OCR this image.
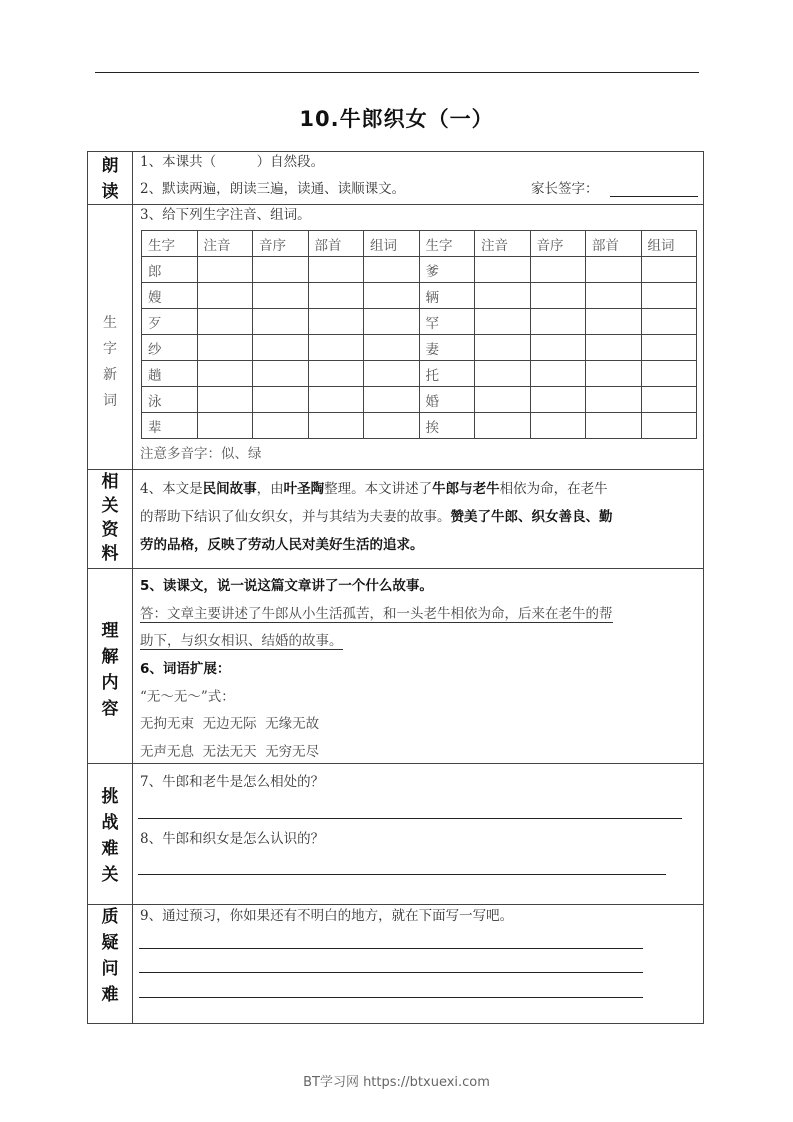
10.牛郎织女（一）
朗
读
1、本课共（　　　）自然段。
2、默读两遍，朗读三遍，读通、读顺课文。	家长签字：
生
字
新
词
3、给下列生字注音、组词。
生字	注音	音序	部首	组词	生字	注音	音序	部首	组词
郎					爹				
嫂					辆				
歹					罕				
纱					妻				
趟					托				
泳					婚				
辈					挨				
注意多音字：似、绿
相
关
资
料
4、本文是民间故事，由叶圣陶整理。本文讲述了牛郎与老牛相依为命，在老牛
的帮助下结识了仙女织女，并与其结为夫妻的故事。赞美了牛郎、织女善良、勤
劳的品格，反映了劳动人民对美好生活的追求。
理
解
内
容
5、读课文，说一说这篇文章讲了一个什么故事。
答：文章主要讲述了牛郎从小生活孤苦，和一头老牛相依为命，后来在老牛的帮
助下，与织女相识、结婚的故事。
6、词语扩展：
“无～无～”式：
无拘无束  无边无际  无缘无故
无声无息  无法无天  无穷无尽
挑
战
难
关
7、牛郎和老牛是怎么相处的？
8、牛郎和织女是怎么认识的？
质
疑
问
难
9、通过预习，你如果还有不明白的地方，就在下面写一写吧。
BT学习网 https://btxuexi.com
